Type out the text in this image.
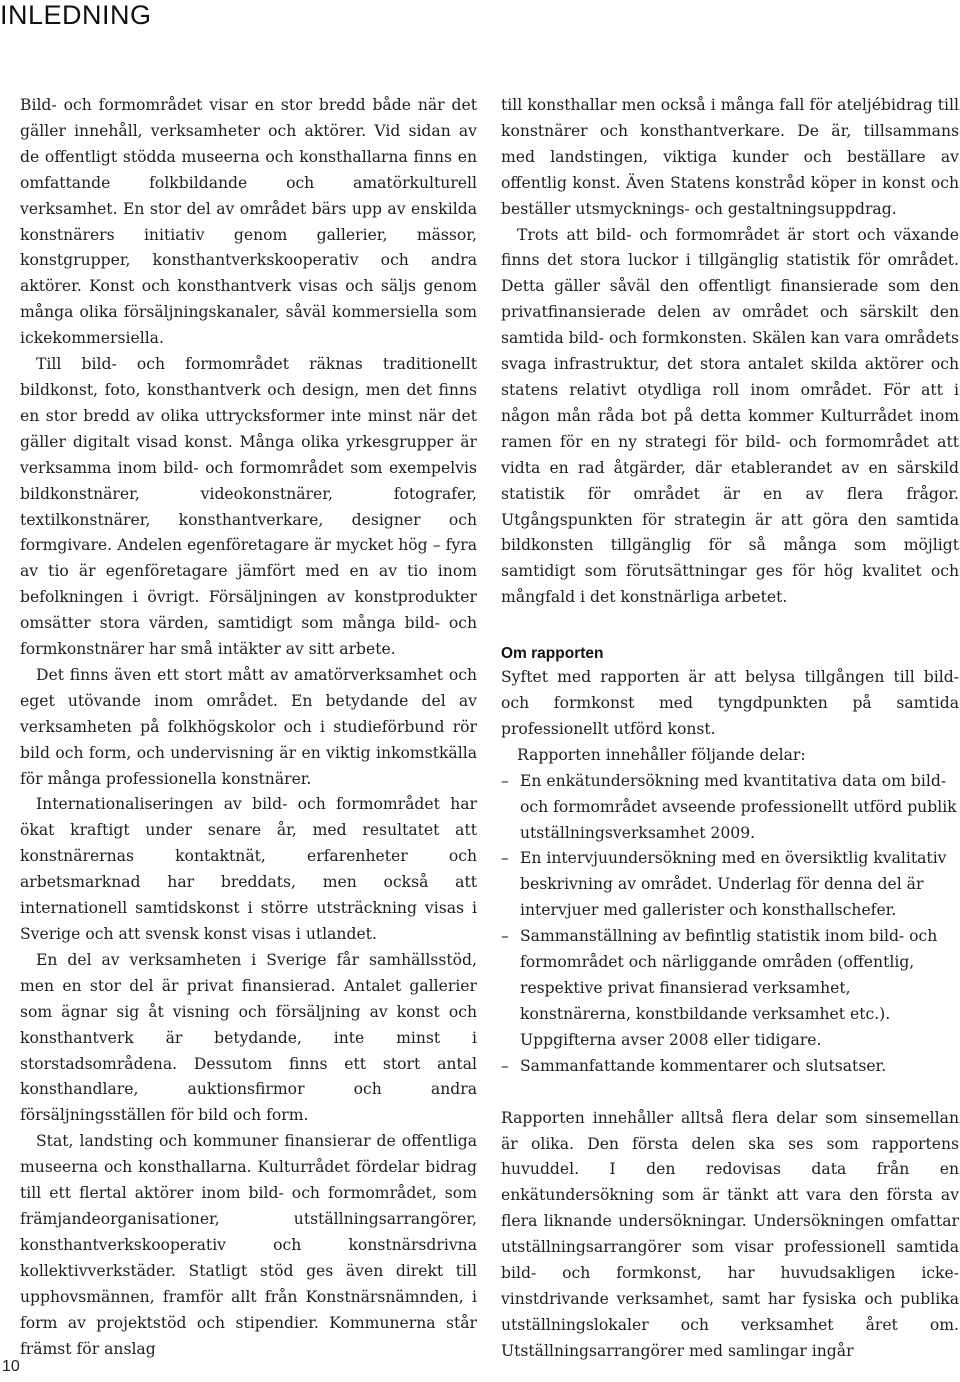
INLEDNING

Bild- och formområdet visar en stor bredd både när det gäller innehåll, verksamheter och aktörer. Vid sidan av de offentligt stödda museerna och konsthallarna finns en omfattande folkbildande och amatörkulturell verksamhet. En stor del av området bärs upp av enskilda konstnärers initiativ genom gallerier, mässor, konstgrupper, konsthantverkskooperativ och andra aktörer. Konst och konsthantverk visas och säljs genom många olika försäljningskanaler, såväl kommersiella som ickekommersiella.

Till bild- och formområdet räknas traditionellt bildkonst, foto, konsthantverk och design, men det finns en stor bredd av olika uttrycksformer inte minst när det gäller digitalt visad konst. Många olika yrkesgrupper är verksamma inom bild- och formområdet som exempelvis bildkonstnärer, videokonstnärer, fotografer, textilkonstnärer, konsthantverkare, designer och formgivare. Andelen egenföretagare är mycket hög – fyra av tio är egenföretagare jämfört med en av tio inom befolkningen i övrigt. Försäljningen av konstprodukter omsätter stora värden, samtidigt som många bild- och formkonstnärer har små intäkter av sitt arbete.

Det finns även ett stort mått av amatörverksamhet och eget utövande inom området. En betydande del av verksamheten på folkhögskolor och i studieförbund rör bild och form, och undervisning är en viktig inkomstkälla för många professionella konstnärer.

Internationaliseringen av bild- och formområdet har ökat kraftigt under senare år, med resultatet att konstnärernas kontaktnät, erfarenheter och arbetsmarknad har breddats, men också att internationell samtidskonst i större utsträckning visas i Sverige och att svensk konst visas i utlandet.

En del av verksamheten i Sverige får samhällsstöd, men en stor del är privat finansierad. Antalet gallerier som ägnar sig åt visning och försäljning av konst och konsthantverk är betydande, inte minst i storstadsområdena. Dessutom finns ett stort antal konsthandlare, auktionsfirmor och andra försäljningsställen för bild och form.

Stat, landsting och kommuner finansierar de offentliga museerna och konsthallarna. Kulturrådet fördelar bidrag till ett flertal aktörer inom bild- och formområdet, som främjandeorganisationer, utställningsarrangörer, konsthantverkskooperativ och konstnärsdrivna kollektivverkstäder. Statligt stöd ges även direkt till upphovsmännen, framför allt från Konstnärsnämnden, i form av projektstöd och stipendier. Kommunerna står främst för anslag

till konsthallar men också i många fall för ateljébidrag till konstnärer och konsthantverkare. De är, tillsammans med landstingen, viktiga kunder och beställare av offentlig konst. Även Statens konstråd köper in konst och beställer utsmycknings- och gestaltningsuppdrag.

Trots att bild- och formområdet är stort och växande finns det stora luckor i tillgänglig statistik för området. Detta gäller såväl den offentligt finansierade som den privatfinansierade delen av området och särskilt den samtida bild- och formkonsten. Skälen kan vara områdets svaga infrastruktur, det stora antalet skilda aktörer och statens relativt otydliga roll inom området. För att i någon mån råda bot på detta kommer Kulturrådet inom ramen för en ny strategi för bild- och formområdet att vidta en rad åtgärder, där etablerandet av en särskild statistik för området är en av flera frågor. Utgångspunkten för strategin är att göra den samtida bildkonsten tillgänglig för så många som möjligt samtidigt som förutsättningar ges för hög kvalitet och mångfald i det konstnärliga arbetet.

Om rapporten

Syftet med rapporten är att belysa tillgången till bild- och formkonst med tyngdpunkten på samtida professionellt utförd konst.

Rapporten innehåller följande delar:

– En enkätundersökning med kvantitativa data om bild- och formområdet avseende professionellt utförd publik utställningsverksamhet 2009.
– En intervjuundersökning med en översiktlig kvalitativ beskrivning av området. Underlag för denna del är intervjuer med gallerister och konsthallschefer.
– Sammanställning av befintlig statistik inom bild- och formområdet och närliggande områden (offentlig, respektive privat finansierad verksamhet, konstnärerna, konstbildande verksamhet etc.). Uppgifterna avser 2008 eller tidigare.
– Sammanfattande kommentarer och slutsatser.

Rapporten innehåller alltså flera delar som sinsemellan är olika. Den första delen ska ses som rapportens huvuddel. I den redovisas data från en enkätundersökning som är tänkt att vara den första av flera liknande undersökningar. Undersökningen omfattar utställningsarrangörer som visar professionell samtida bild- och formkonst, har huvudsakligen icke-vinstdrivande verksamhet, samt har fysiska och publika utställningslokaler och verksamhet året om. Utställningsarrangörer med samlingar ingår

10
